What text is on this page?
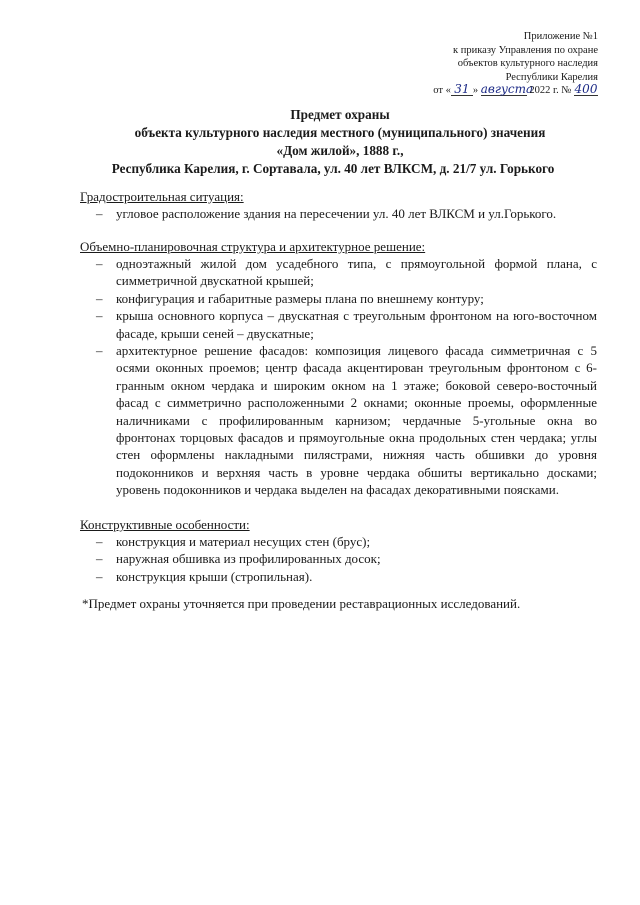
Приложение №1
к приказу Управления по охране
объектов культурного наследия
Республики Карелия
от « 31 » августа 2022 г. № 400
Предмет охраны
объекта культурного наследия местного (муниципального) значения
«Дом жилой», 1888 г.,
Республика Карелия, г. Сортавала, ул. 40 лет ВЛКСМ, д. 21/7 ул. Горького
Градостроительная ситуация:
– угловое расположение здания на пересечении ул. 40 лет ВЛКСМ и ул.Горького.
Объемно-планировочная структура и архитектурное решение:
– одноэтажный жилой дом усадебного типа, с прямоугольной формой плана, с симметричной двускатной крышей;
– конфигурация и габаритные размеры плана по внешнему контуру;
– крыша основного корпуса – двускатная с треугольным фронтоном на юго-восточном фасаде, крыши сеней – двускатные;
– архитектурное решение фасадов: композиция лицевого фасада симметричная с 5 осями оконных проемов; центр фасада акцентирован треугольным фронтоном с 6-гранным окном чердака и широким окном на 1 этаже; боковой северо-восточный фасад с симметрично расположенными 2 окнами; оконные проемы, оформленные наличниками с профилированным карнизом; чердачные 5-угольные окна во фронтонах торцовых фасадов и прямоугольные окна продольных стен чердака; углы стен оформлены накладными пилястрами, нижняя часть обшивки до уровня подоконников и верхняя часть в уровне чердака обшиты вертикально досками; уровень подоконников и чердака выделен на фасадах декоративными поясками.
Конструктивные особенности:
– конструкция и материал несущих стен (брус);
– наружная обшивка из профилированных досок;
– конструкция крыши (стропильная).
*Предмет охраны уточняется при проведении реставрационных исследований.
